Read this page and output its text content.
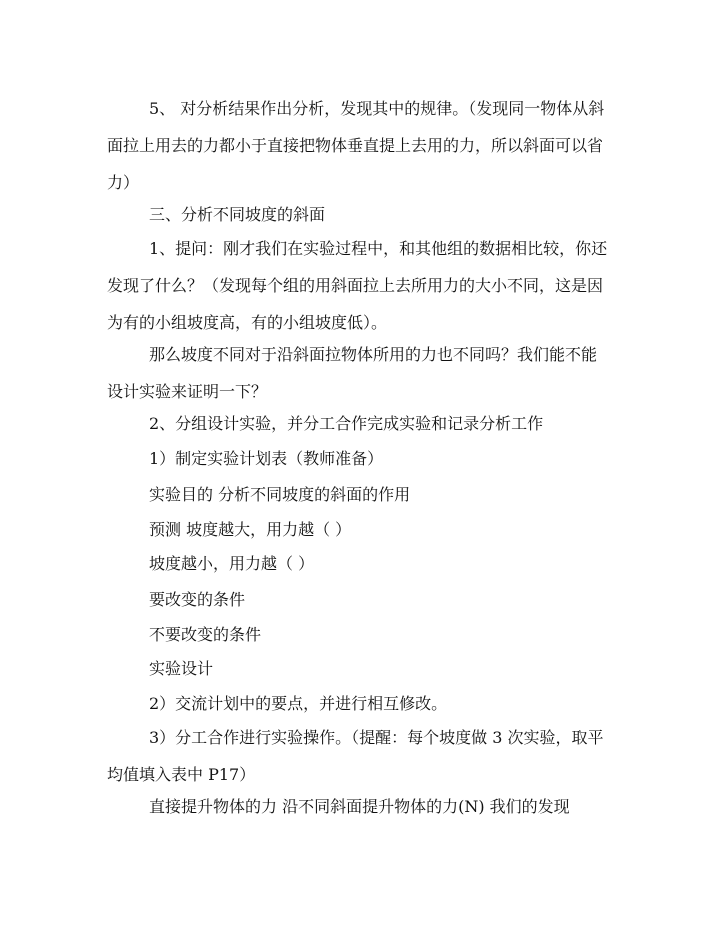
5、 对分析结果作出分析，发现其中的规律。（发现同一物体从斜面拉上用去的力都小于直接把物体垂直提上去用的力，所以斜面可以省力）

三、分析不同坡度的斜面

1、提问：刚才我们在实验过程中，和其他组的数据相比较，你还发现了什么？（发现每个组的用斜面拉上去所用力的大小不同，这是因为有的小组坡度高，有的小组坡度低）。

那么坡度不同对于沿斜面拉物体所用的力也不同吗？我们能不能设计实验来证明一下？

2、分组设计实验，并分工合作完成实验和记录分析工作

1）制定实验计划表（教师准备）

实验目的 分析不同坡度的斜面的作用

预测 坡度越大，用力越（ ）

坡度越小，用力越（ ）

要改变的条件

不要改变的条件

实验设计

2）交流计划中的要点，并进行相互修改。

3）分工合作进行实验操作。（提醒：每个坡度做 3 次实验，取平均值填入表中 P17）

直接提升物体的力 沿不同斜面提升物体的力(N) 我们的发现
